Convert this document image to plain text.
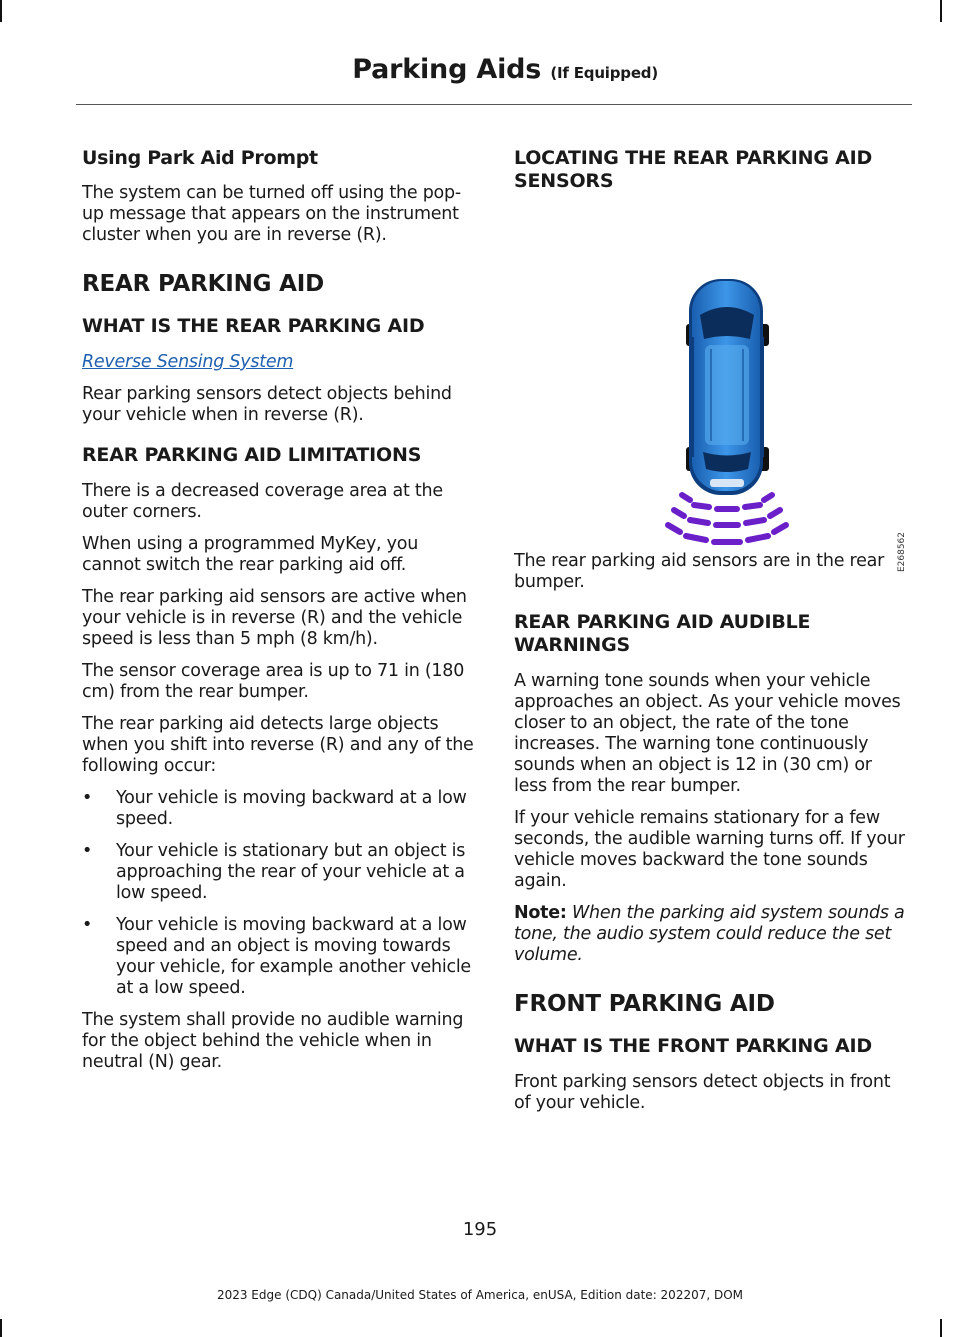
Parking Aids (If Equipped)
Using Park Aid Prompt

The system can be turned off using the pop-up message that appears on the instrument cluster when you are in reverse (R).

REAR PARKING AID
WHAT IS THE REAR PARKING AID

Reverse Sensing System

Rear parking sensors detect objects behind your vehicle when in reverse (R).

REAR PARKING AID LIMITATIONS

There is a decreased coverage area at the outer corners.

When using a programmed MyKey, you cannot switch the rear parking aid off.

The rear parking aid sensors are active when your vehicle is in reverse (R) and the vehicle speed is less than 5 mph (8 km/h).

The sensor coverage area is up to 71 in (180 cm) from the rear bumper.

The rear parking aid detects large objects when you shift into reverse (R) and any of the following occur:

• Your vehicle is moving backward at a low speed.
• Your vehicle is stationary but an object is approaching the rear of your vehicle at a low speed.
• Your vehicle is moving backward at a low speed and an object is moving towards your vehicle, for example another vehicle at a low speed.

The system shall provide no audible warning for the object behind the vehicle when in neutral (N) gear.

LOCATING THE REAR PARKING AID SENSORS
E268562

The rear parking aid sensors are in the rear bumper.

REAR PARKING AID AUDIBLE WARNINGS

A warning tone sounds when your vehicle approaches an object. As your vehicle moves closer to an object, the rate of the tone increases. The warning tone continuously sounds when an object is 12 in (30 cm) or less from the rear bumper.

If your vehicle remains stationary for a few seconds, the audible warning turns off. If your vehicle moves backward the tone sounds again.

Note: When the parking aid system sounds a tone, the audio system could reduce the set volume.

FRONT PARKING AID
WHAT IS THE FRONT PARKING AID

Front parking sensors detect objects in front of your vehicle.

195
2023 Edge (CDQ) Canada/United States of America, enUSA, Edition date: 202207, DOM
